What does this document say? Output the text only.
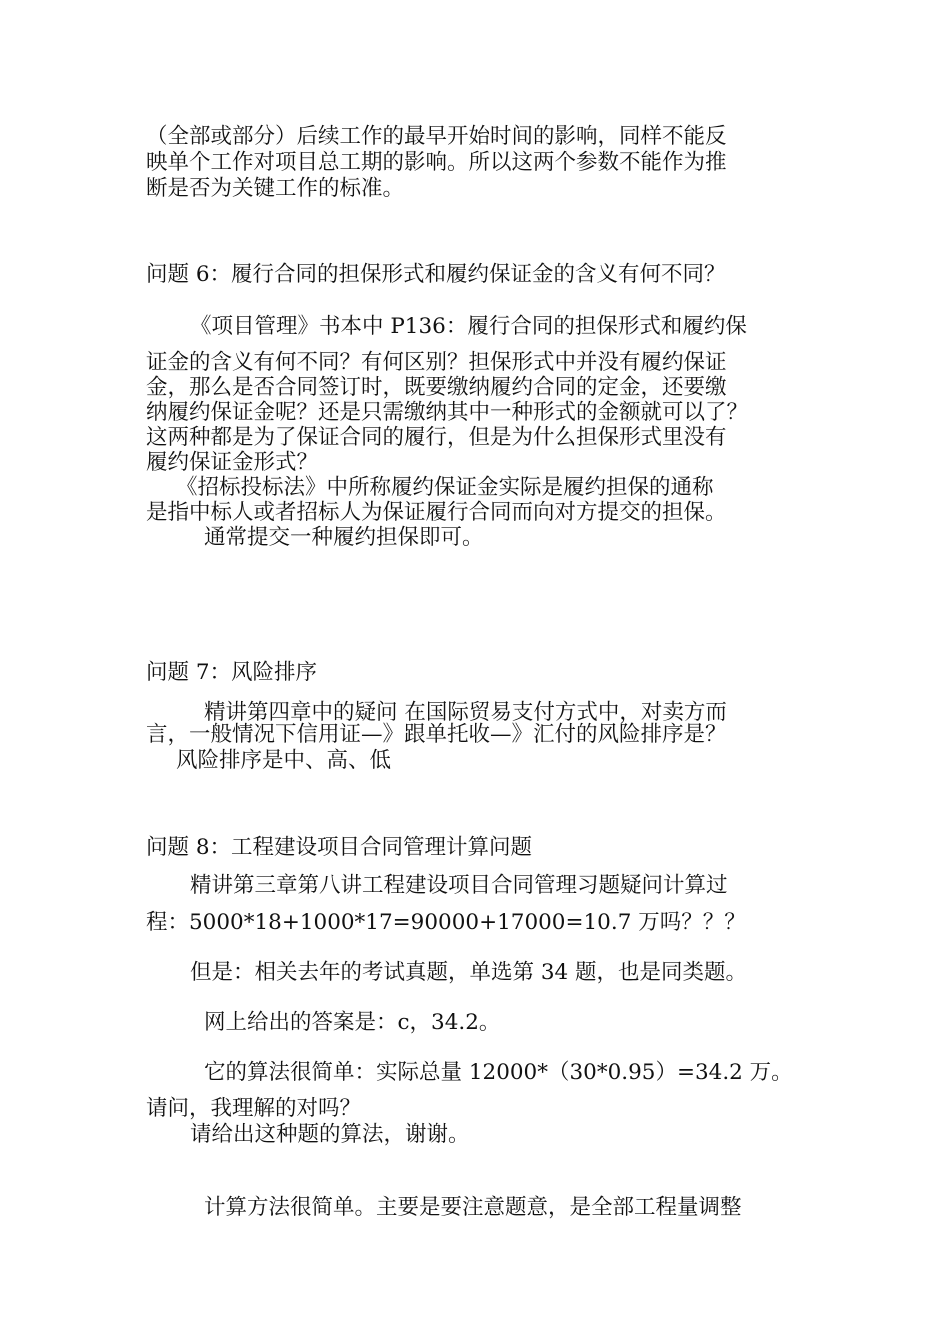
（全部或部分）后续工作的最早开始时间的影响，同样不能反
映单个工作对项目总工期的影响。所以这两个参数不能作为推
断是否为关键工作的标准。
问题 6：履行合同的担保形式和履约保证金的含义有何不同？
《项目管理》书本中 P136：履行合同的担保形式和履约保
证金的含义有何不同？有何区别？担保形式中并没有履约保证
金，那么是否合同签订时，既要缴纳履约合同的定金，还要缴
纳履约保证金呢？还是只需缴纳其中一种形式的金额就可以了？
这两种都是为了保证合同的履行，但是为什么担保形式里没有
履约保证金形式？
《招标投标法》中所称履约保证金实际是履约担保的通称
是指中标人或者招标人为保证履行合同而向对方提交的担保。
通常提交一种履约担保即可。
问题 7：风险排序
精讲第四章中的疑问 在国际贸易支付方式中，对卖方而
言，一般情况下信用证—》跟单托收—》汇付的风险排序是？
风险排序是中、高、低
问题 8：工程建设项目合同管理计算问题
精讲第三章第八讲工程建设项目合同管理习题疑问计算过
程：5000*18+1000*17=90000+17000=10.7 万吗？？？
但是：相关去年的考试真题，单选第 34 题，也是同类题。
网上给出的答案是：c，34.2。
它的算法很简单：实际总量 12000*（30*0.95）=34.2 万。
请问，我理解的对吗？
请给出这种题的算法，谢谢。
计算方法很简单。主要是要注意题意，是全部工程量调整
